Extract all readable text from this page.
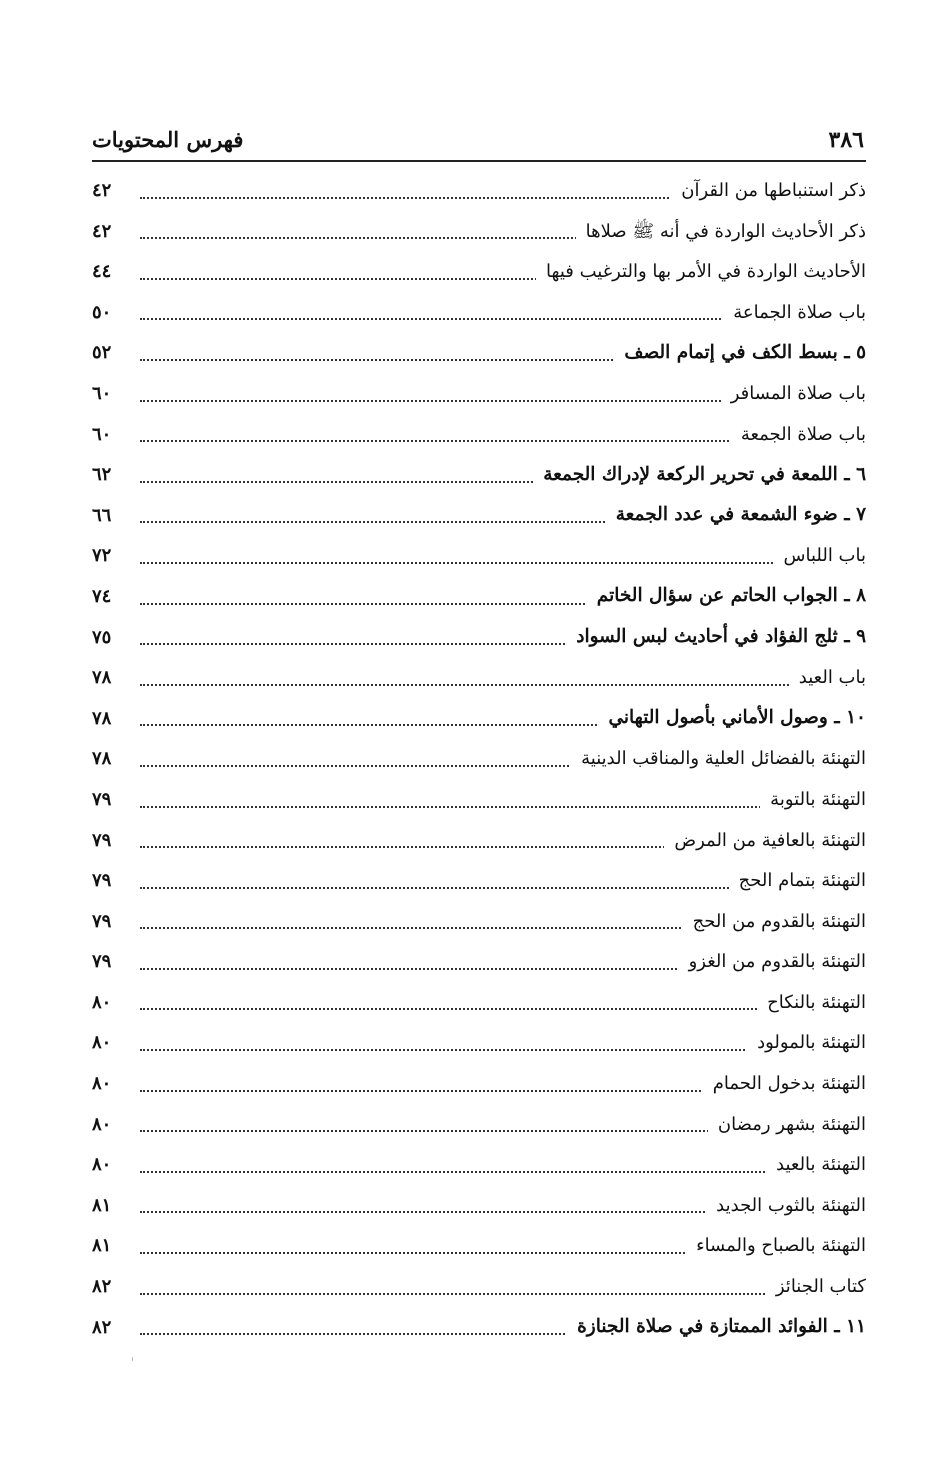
فهرس المحتويات	٣٨٦
ذكر استنباطها من القرآن
٤٢
ذكر الأحاديث الواردة في أنه ﷺ صلاها
٤٢
الأحاديث الواردة في الأمر بها والترغيب فيها
٤٤
باب صلاة الجماعة
٥٠
٥ ـ بسط الكف في إتمام الصف
٥٢
باب صلاة المسافر
٦٠
باب صلاة الجمعة
٦٠
٦ ـ اللمعة في تحرير الركعة لإدراك الجمعة
٦٢
٧ ـ ضوء الشمعة في عدد الجمعة
٦٦
باب اللباس
٧٢
٨ ـ الجواب الحاتم عن سؤال الخاتم
٧٤
٩ ـ ثلج الفؤاد في أحاديث لبس السواد
٧٥
باب العيد
٧٨
١٠ ـ وصول الأماني بأصول التهاني
٧٨
التهنئة بالفضائل العلية والمناقب الدينية
٧٨
التهنئة بالتوبة
٧٩
التهنئة بالعافية من المرض
٧٩
التهنئة بتمام الحج
٧٩
التهنئة بالقدوم من الحج
٧٩
التهنئة بالقدوم من الغزو
٧٩
التهنئة بالنكاح
٨٠
التهنئة بالمولود
٨٠
التهنئة بدخول الحمام
٨٠
التهنئة بشهر رمضان
٨٠
التهنئة بالعيد
٨٠
التهنئة بالثوب الجديد
٨١
التهنئة بالصباح والمساء
٨١
كتاب الجنائز
٨٢
١١ ـ الفوائد الممتازة في صلاة الجنازة
٨٢
